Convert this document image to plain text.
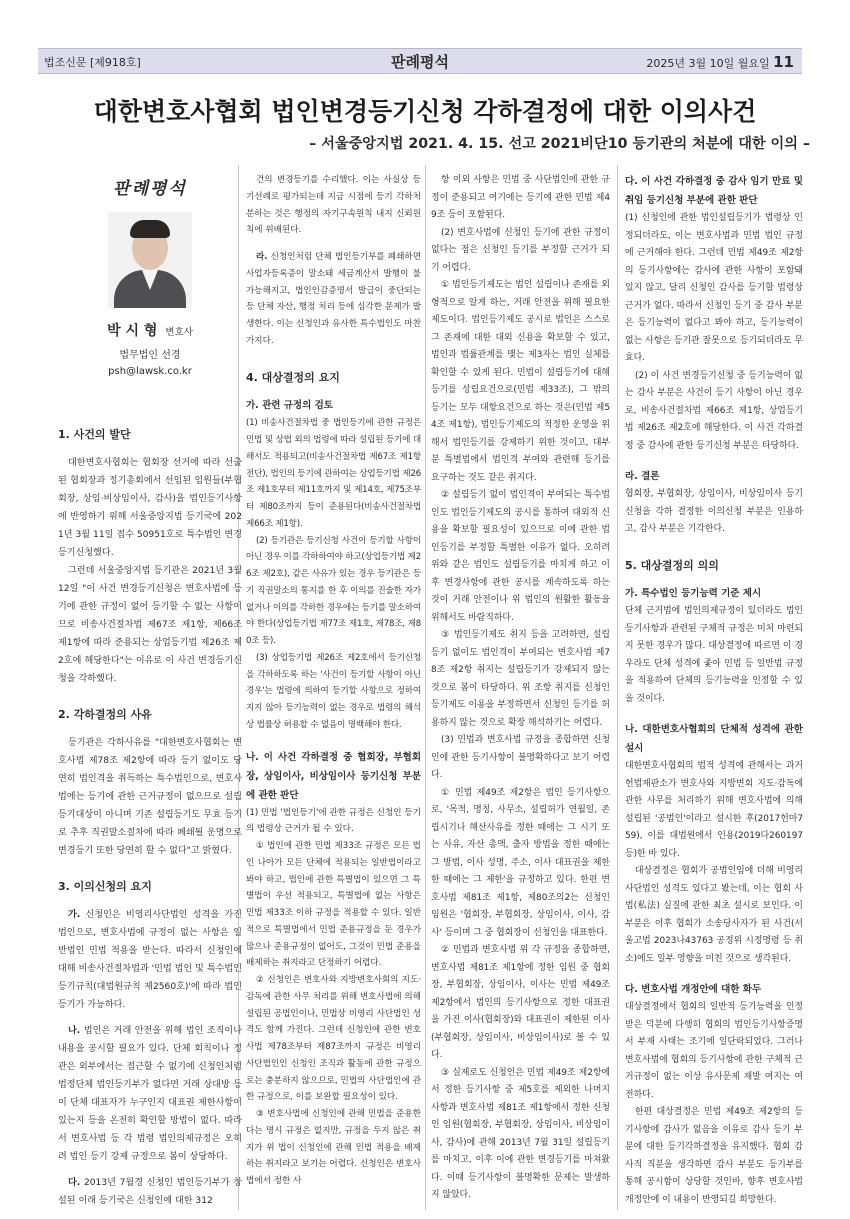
법조신문 [제918호]	판례평석	2025년 3월 10일 월요일 11
대한변호사협회 법인변경등기신청 각하결정에 대한 이의사건
– 서울중앙지법 2021. 4. 15. 선고 2021비단10 등기관의 처분에 대한 이의 –
판례평석
박 시 형 변호사
법무법인 선경
psh@lawsk.co.kr
1. 사건의 발단

대한변호사협회는 협회장 선거에 따라 선출된 협회장과 정기총회에서 선임된 임원들(부협회장, 상임·비상임이사, 감사)을 법인등기사항에 반영하기 위해 서울중앙지법 등기국에 2021년 3월 11일 접수 50951호로 특수법인 변경등기신청했다.

그런데 서울중앙지법 등기관은 2021년 3월 12일 "이 사건 변경등기신청은 변호사법에 등기에 관한 규정이 없어 등기할 수 없는 사항이므로 비송사건절차법 제67조 제1항, 제66조 제1항에 따라 준용되는 상업등기법 제26조 제2호에 해당한다"는 이유로 이 사건 변경등기신청을 각하했다.

2. 각하결정의 사유

등기관은 각하사유를 "대한변호사협회는 변호사법 제78조 제2항에 따라 등기 없이도 당연히 법인격을 취득하는 특수법인으로, 변호사법에는 등기에 관한 근거규정이 없으므로 설립등기대상이 아니며 기존 설립등기도 무효 등기로 추후 직권말소절차에 따라 폐쇄될 운명으로 변경등기 또한 당연히 할 수 없다"고 밝혔다.

3. 이의신청의 요지

가. 신청인은 비영리사단법인 성격을 가진 법인으로, 변호사법에 규정이 없는 사항은 일반법인 민법 적용을 받는다. 따라서 신청인에 대해 비송사건절차법과 '민법 법인 및 특수법인 등기규칙(대법원규칙 제2560호)'에 따라 법인등기가 가능하다.

나. 법인은 거래 안전을 위해 법인 조직이나 내용을 공시할 필요가 있다. 단체 회칙이나 정관은 외부에서는 접근할 수 없기에 신청인처럼 법정단체 법인등기부가 없다면 거래 상대방 등이 단체 대표자가 누구인지 대표권 제한사항이 있는지 등을 온전히 확인할 방법이 없다. 따라서 변호사법 등 각 법령 법인의제규정은 오히려 법인 등기 강제 규정으로 봄이 상당하다.

다. 2013년 7월경 신청인 법인등기부가 창설된 이래 등기국은 신청인에 대한 312

건의 변경등기를 수리했다. 이는 사실상 등기선례로 평가되는데 지금 시점에 등기 각하처분하는 것은 행정의 자기구속원칙 내지 신뢰원칙에 위배된다.

라. 신청인처럼 단체 법인등기부를 폐쇄하면 사업자등록증이 말소돼 세금계산서 발행이 불가능해지고, 법인인감증명서 발급이 중단되는 등 단체 자산, 행정 처리 등에 심각한 문제가 발생한다. 이는 신청인과 유사한 특수법인도 마찬가지다.

4. 대상결정의 요지
가. 관련 규정의 검토

(1) 비송사건절차법 중 법인등기에 관한 규정은 민법 및 상법 외의 법령에 따라 설립된 등기에 대해서도 적용되고(비송사건절차법 제67조 제1항 전단), 법인의 등기에 관하여는 상업등기법 제26조 제1호부터 제11호까지 및 제14호, 제75조부터 제80조까지 등이 준용된다(비송사건절차법 제66조 제1항).

(2) 등기관은 등기신청 사건이 등기할 사항이 아닌 경우 이를 각하하여야 하고(상업등기법 제26조 제2호), 같은 사유가 있는 경우 등기관은 등기 직권말소의 통지를 한 후 이의를 진술한 자가 없거나 이의를 각하한 경우에는 등기를 말소하여야 한다(상업등기법 제77조 제1호, 제78조, 제80조 등).

(3) 상업등기법 제26조 제2호에서 등기신청을 각하하도록 하는 '사건이 등기할 사항이 아닌 경우'는 법령에 의하여 등기할 사항으로 정하여지지 않아 등기능력이 없는 경우로 법령의 해석상 법률상 허용할 수 없음이 명백해야 한다.

나. 이 사건 각하결정 중 협회장, 부협회장, 상임이사, 비상임이사 등기신청 부분에 관한 판단

(1) 민법 '법인등기'에 관한 규정은 신청인 등기의 법령상 근거가 될 수 있다.

① 법인에 관한 민법 제33조 규정은 모든 법인 나아가 모든 단체에 적용되는 일반법이라고 봐야 하고, 법인에 관한 특별법이 있으면 그 특별법이 우선 적용되고, 특별법에 없는 사항은 민법 제33조 이하 규정을 적용할 수 있다. 일반적으로 특별법에서 민법 준용규정을 둔 경우가 많으나 준용규정이 없어도, 그것이 민법 준용을 배제하는 취지라고 단정하기 어렵다.

② 신청인은 변호사와 지방변호사회의 지도·감독에 관한 사무 처리를 위해 변호사법에 의해 설립된 공법인이나, 민법상 비영리 사단법인 성격도 함께 가진다. 그런데 신청인에 관한 변호사법 제78조부터 제87조까지 규정은 비영리 사단법인인 신청인 조직과 활동에 관한 규정으로는 충분하지 않으므로, 민법의 사단법인에 관한 규정으로, 이를 보완할 필요성이 있다.

③ 변호사법에 신청인에 관해 민법을 준용한다는 명시 규정은 없지만, 규정을 두지 않은 취지가 위 법이 신청인에 관해 민법 적용을 배제하는 취지라고 보기는 어렵다. 신청인은 변호사법에서 정한 사

항 이외 사항은 민법 중 사단법인에 관한 규정이 준용되고 여기에는 등기에 관한 민법 제49조 등이 포함된다.

(2) 변호사법에 신청인 등기에 관한 규정이 없다는 점은 신청인 등기를 부정할 근거가 되기 어렵다.

① 법인등기제도는 법인 설립이나 존재를 외형적으로 알게 하는, 거래 안전을 위해 필요한 제도이다. 법인등기제도 공시로 법인은 스스로 그 존재에 대한 대외 신용을 확보할 수 있고, 법인과 법률관계를 맺는 제3자는 법인 실체를 확인할 수 있게 된다. 민법이 설립등기에 대해 등기를 성립요건으로(민법 제33조), 그 밖의 등기는 모두 대항요건으로 하는 것은(민법 제54조 제1항), 법인등기제도의 적정한 운영을 위해서 법인등기를 강제하기 위한 것이고, 대부분 특별법에서 법인격 부여와 관련해 등기를 요구하는 것도 같은 취지다.

② 설립등기 없이 법인격이 부여되는 특수법인도 법인등기제도의 공시를 통하여 대외적 신용을 확보할 필요성이 있으므로 이에 관한 법인등기를 부정할 특별한 이유가 없다. 오히려 위와 같은 법인도 설립등기를 마치게 하고 이후 변경사항에 관한 공시를 계속하도록 하는 것이 거래 안전이나 위 법인의 원활한 활동을 위해서도 바람직하다.

③ 법인등기제도 취지 등을 고려하면, 설립등기 없이도 법인격이 부여되는 변호사법 제78조 제2항 취지는 설립등기가 강제되지 않는 것으로 봄이 타당하다. 위 조항 취지를 신청인 등기제도 이용을 부정하면서 신청인 등기를 허용하지 않는 것으로 확장 해석하기는 어렵다.

(3) 민법과 변호사법 규정을 종합하면 신청인에 관한 등기사항이 불명확하다고 보기 어렵다.

① 민법 제49조 제2항은 법인 등기사항으로, '목적, 명칭, 사무소, 설립허가 연월일, 존립시기나 해산사유를 정한 때에는 그 시기 또는 사유, 자산 총액, 출자 방법을 정한 때에는 그 방법, 이사 성명, 주소, 이사 대표권을 제한한 때에는 그 제한'을 규정하고 있다. 한편 변호사법 제81조 제1항, 제80조의2는 신청인 임원은 '협회장, 부협회장, 상임이사, 이사, 감사' 등이며 그 중 협회장이 신청인을 대표한다.

② 민법과 변호사법 위 각 규정을 종합하면, 변호사법 제81조 제1항에 정한 임원 중 협회장, 부협회장, 상임이사, 이사는 민법 제49조 제2항에서 법인의 등기사항으로 정한 대표권을 가진 이사(협회장)와 대표권이 제한된 이사(부협회장, 상임이사, 비상임이사)로 볼 수 있다.

③ 실제로도 신청인은 민법 제49조 제2항에서 정한 등기사항 중 제5호를 제외한 나머지 사항과 변호사법 제81조 제1항에서 정한 신청인 임원(협회장, 부협회장, 상임이사, 비상임이사, 감사)에 관해 2013년 7월 31일 설립등기를 마치고, 이후 이에 관한 변경등기를 마쳐왔다. 이때 등기사항이 불명확한 문제는 발생하지 않았다.

다. 이 사건 각하결정 중 감사 임기 만료 및 취임 등기신청 부분에 관한 판단

(1) 신청인에 관한 법인설립등기가 법령상 인정되더라도, 이는 변호사법과 민법 법인 규정에 근거해야 한다. 그런데 민법 제49조 제2항의 등기사항에는 감사에 관한 사항이 포함돼 있지 않고, 달리 신청인 감사를 등기할 법령상 근거가 없다. 따라서 신청인 등기 중 감사 부분은 등기능력이 없다고 봐야 하고, 등기능력이 없는 사항은 등기관 잘못으로 등기되더라도 무효다.

(2) 이 사건 변경등기신청 중 등기능력이 없는 감사 부분은 사건이 등기 사항이 아닌 경우로, 비송사건절차법 제66조 제1항, 상업등기법 제26조 제2호에 해당한다. 이 사건 각하결정 중 감사에 관한 등기신청 부분은 타당하다.

라. 결론

협회장, 부협회장, 상임이사, 비상임이사 등기신청을 각하 결정한 이의신청 부분은 인용하고, 감사 부분은 기각한다.

5. 대상결정의 의의
가. 특수법인 등기능력 기준 제시

단체 근거법에 법인의제규정이 있더라도 법인 등기사항과 관련된 구체적 규정은 미처 마련되지 못한 경우가 많다. 대상결정에 따르면 이 경우라도 단체 성격에 좇아 민법 등 일반법 규정을 적용하여 단체의 등기능력을 인정할 수 있을 것이다.

나. 대한변호사협회의 단체적 성격에 관한 설시

대한변호사협회의 법적 성격에 관해서는 과거 헌법재판소가 변호사와 지방변회 지도·감독에 관한 사무를 처리하기 위해 변호사법에 의해 설립된 '공법인'이라고 설시한 후(2017헌마759), 이를 대법원에서 인용(2019다260197 등)한 바 있다.

대상결정은 협회가 공법인임에 더해 비영리 사단법인 성격도 있다고 봤는데, 이는 협회 사법(私法) 실질에 관한 최초 설시로 보인다. 이 부분은 이후 협회가 소송당사자가 된 사건(서울고법 2023나43763 공정위 시정명령 등 취소)에도 일부 영향을 미친 것으로 생각된다.

다. 변호사법 개정안에 대한 화두

대상결정에서 협회의 일반적 등기능력을 인정받은 덕분에 다행히 협회의 법인등기사항증명서 부재 사태는 조기에 일단락되었다. 그러나 변호사법에 협회의 등기사항에 관한 구체적 근거규정이 없는 이상 유사문제 재발 여지는 여전하다.

한편 대상결정은 민법 제49조 제2항의 등기사항에 감사가 없음을 이유로 감사 등기 부분에 대한 등기각하결정을 유지했다. 협회 감사직 직분을 생각하면 감사 부분도 등기부를 통해 공시함이 상당할 것인바, 향후 변호사법 개정안에 이 내용이 반영되길 희망한다.
